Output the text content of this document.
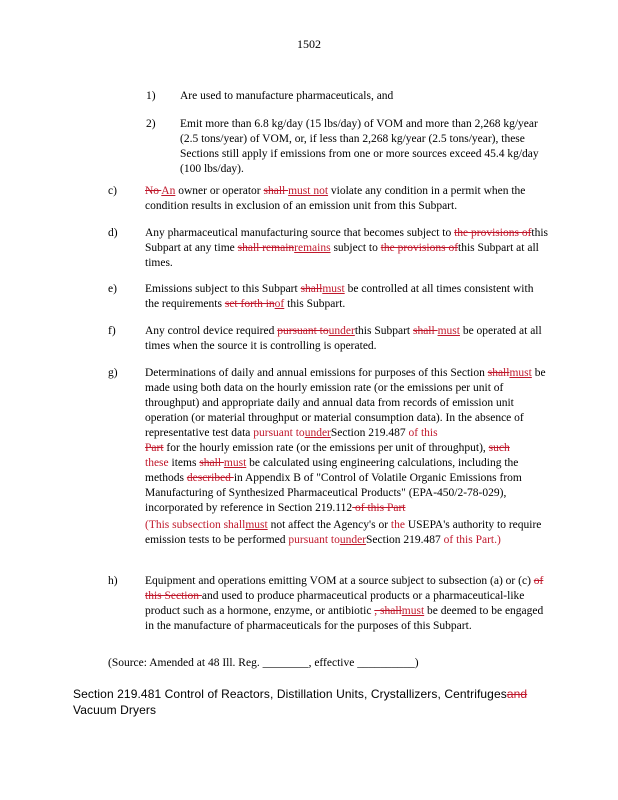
1502
1) Are used to manufacture pharmaceuticals, and
2) Emit more than 6.8 kg/day (15 lbs/day) of VOM and more than 2,268 kg/year (2.5 tons/year) of VOM, or, if less than 2,268 kg/year (2.5 tons/year), these Sections still apply if emissions from one or more sources exceed 45.4 kg/day (100 lbs/day).
c) No An owner or operator shall must not violate any condition in a permit when the condition results in exclusion of an emission unit from this Subpart.
d) Any pharmaceutical manufacturing source that becomes subject to the provisions ofthis Subpart at any time shall remainremains subject to the provisions ofthis Subpart at all times.
e) Emissions subject to this Subpart shallmust be controlled at all times consistent with the requirements set forth inof this Subpart.
f)	Any control device required pursuant tounderthis Subpart shall must be operated at all times when the source it is controlling is operated.
g) Determinations of daily and annual emissions for purposes of this Section shallmust be made using both data on the hourly emission rate (or the emissions per unit of throughput) and appropriate daily and annual data from records of emission unit operation (or material throughput or material consumption data). In the absence of representative test data pursuant tounderSection 219.487 of this
Part for the hourly emission rate (or the emissions per unit of throughput), such
these items shall must be calculated using engineering calculations, including the methods described in Appendix B of "Control of Volatile Organic Emissions from Manufacturing of Synthesized Pharmaceutical Products" (EPA-450/2-78-029), incorporated by reference in Section 219.112 of this Part
(This subsection shallmust not affect the Agency's or the USEPA's authority to require emission tests to be performed pursuant tounderSection 219.487 of this Part.)
h) Equipment and operations emitting VOM at a source subject to subsection (a) or (c) of this Section and used to produce pharmaceutical products or a pharmaceutical-like product such as a hormone, enzyme, or antibiotic , shallmust be deemed to be engaged in the manufacture of pharmaceuticals for the purposes of this Subpart.
(Source: Amended at 48 Ill. Reg. ________, effective __________)
Section 219.481 Control of Reactors, Distillation Units, Crystallizers, Centrifugesand Vacuum Dryers
